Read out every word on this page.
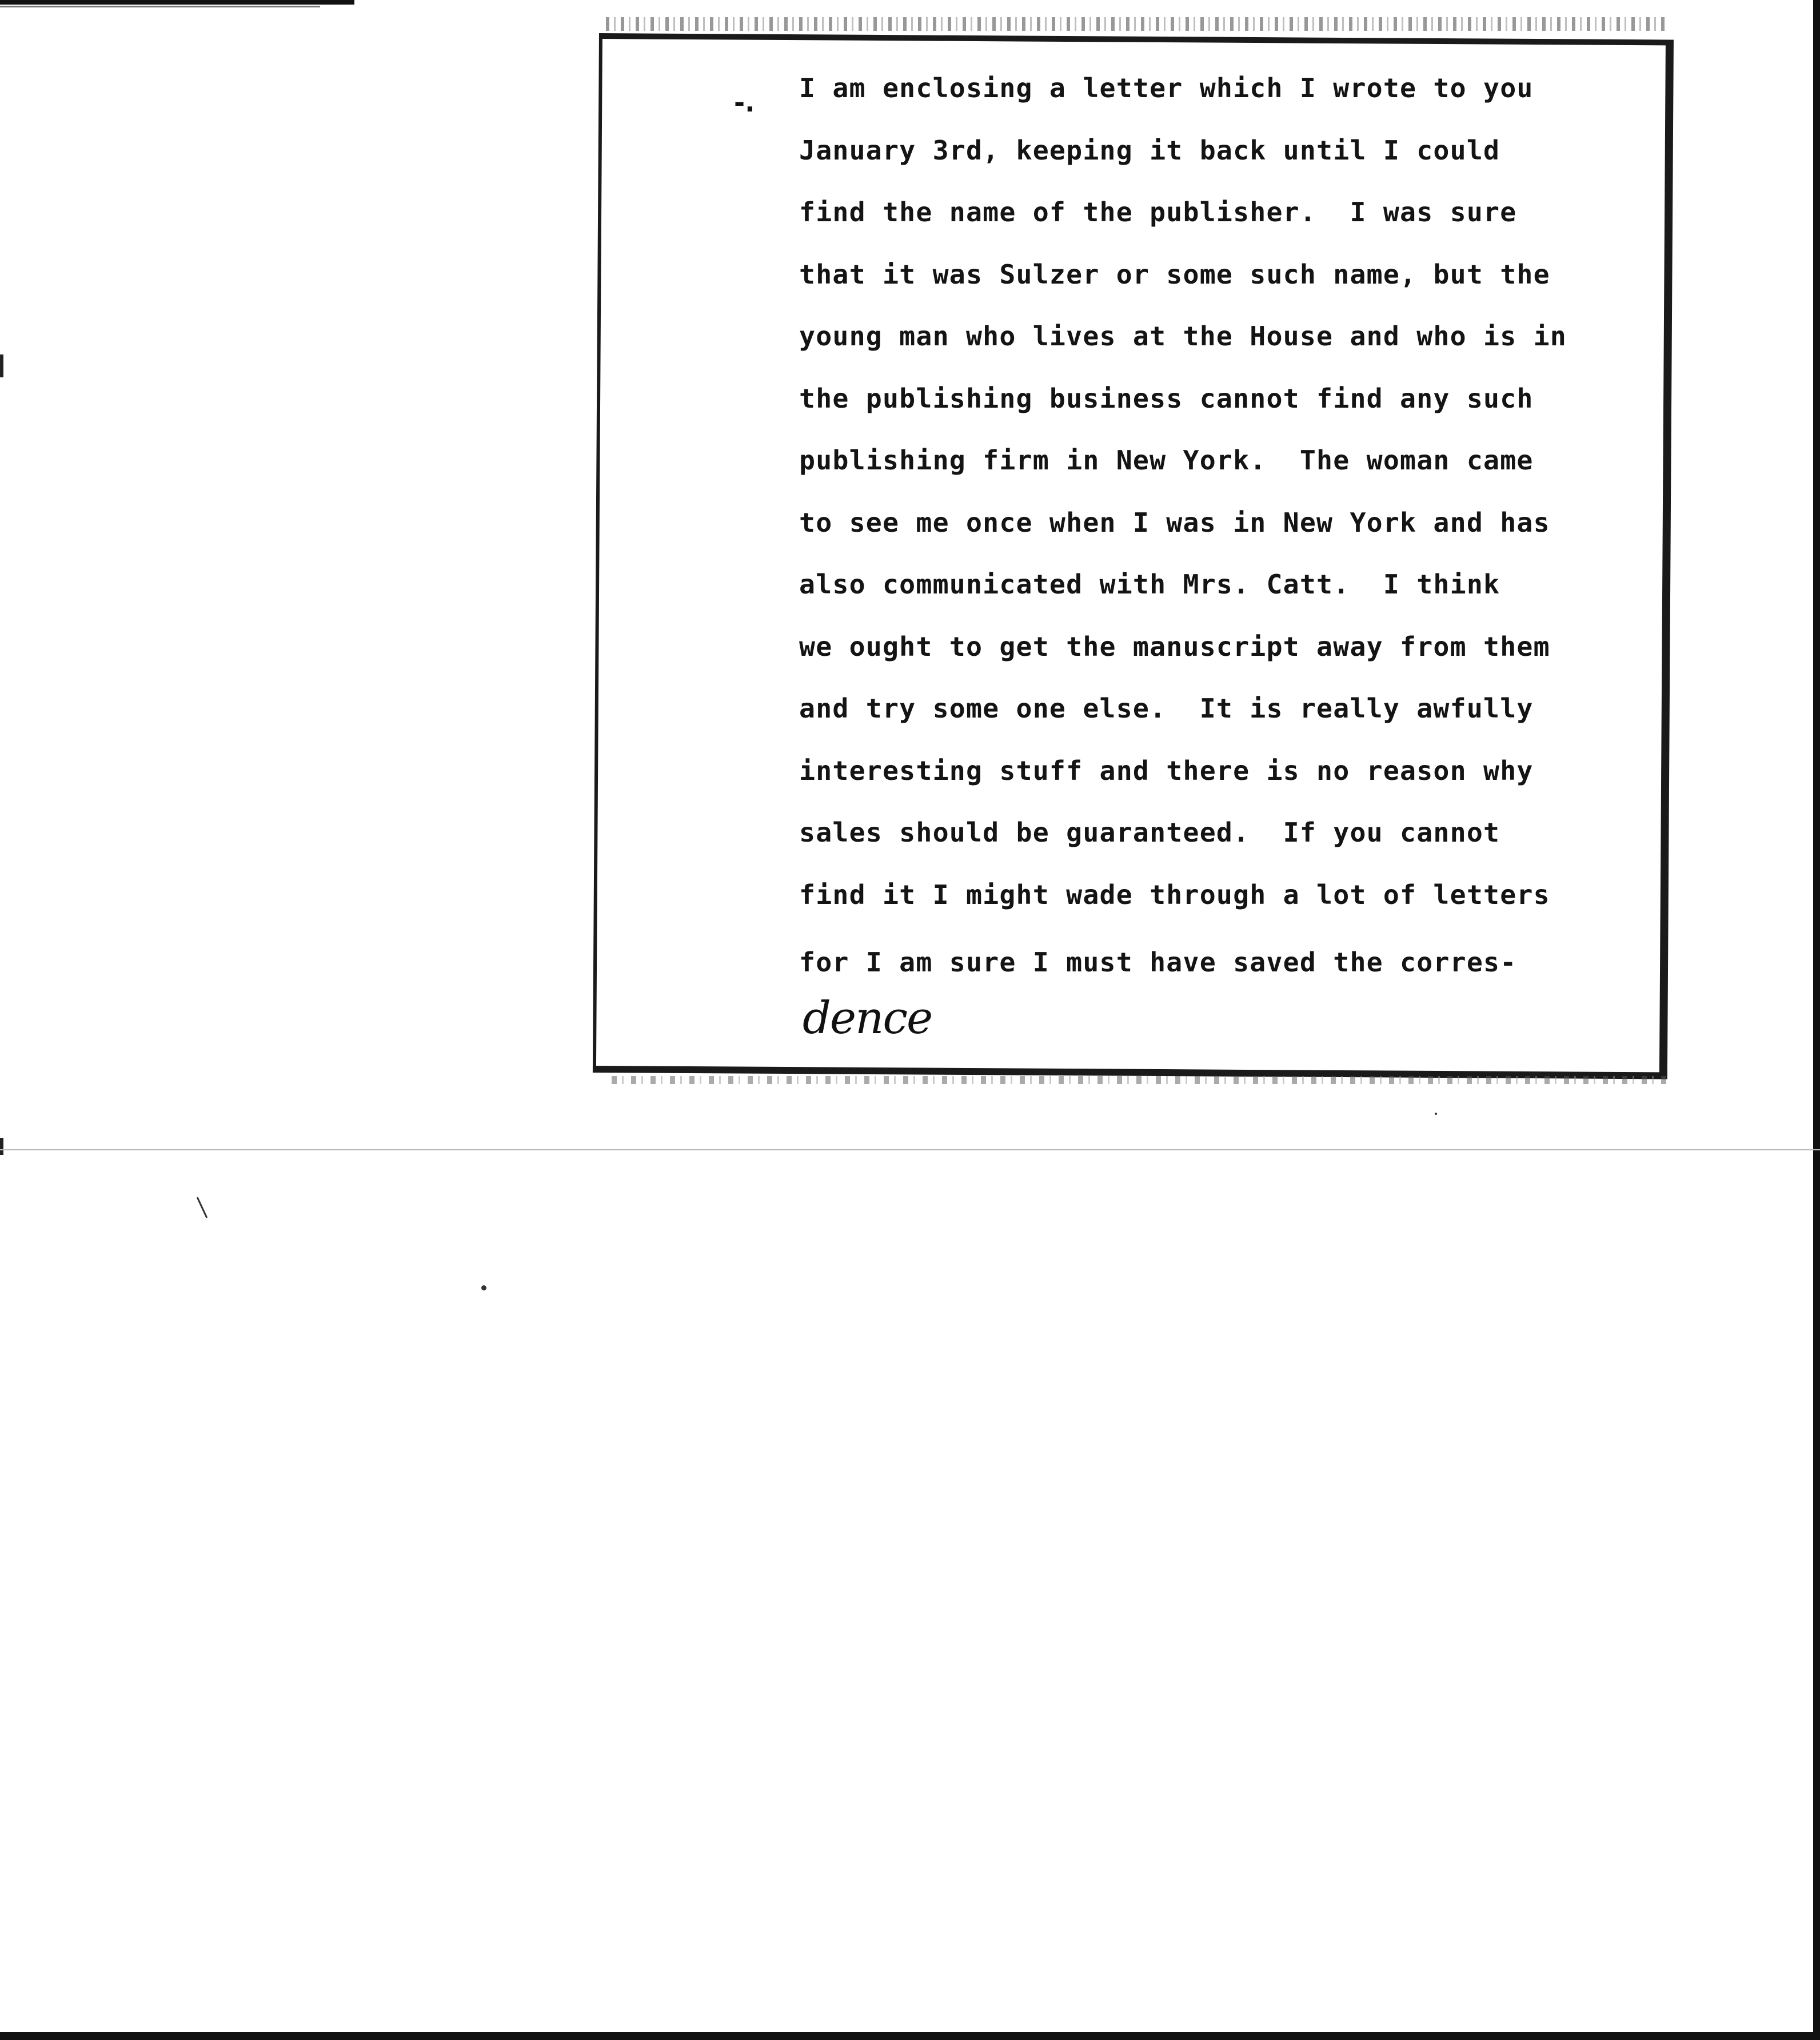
-. I am enclosing a letter which I wrote to you
January 3rd, keeping it back until I could
find the name of the publisher.  I was sure
that it was Sulzer or some such name, but the
young man who lives at the House and who is in
the publishing business cannot find any such
publishing firm in New York.  The woman came
to see me once when I was in New York and has
also communicated with Mrs. Catt.  I think
we ought to get the manuscript away from them
and try some one else.  It is really awfully
interesting stuff and there is no reason why
sales should be guaranteed.  If you cannot
find it I might wade through a lot of letters
for I am sure I must have saved the corres-
dence
